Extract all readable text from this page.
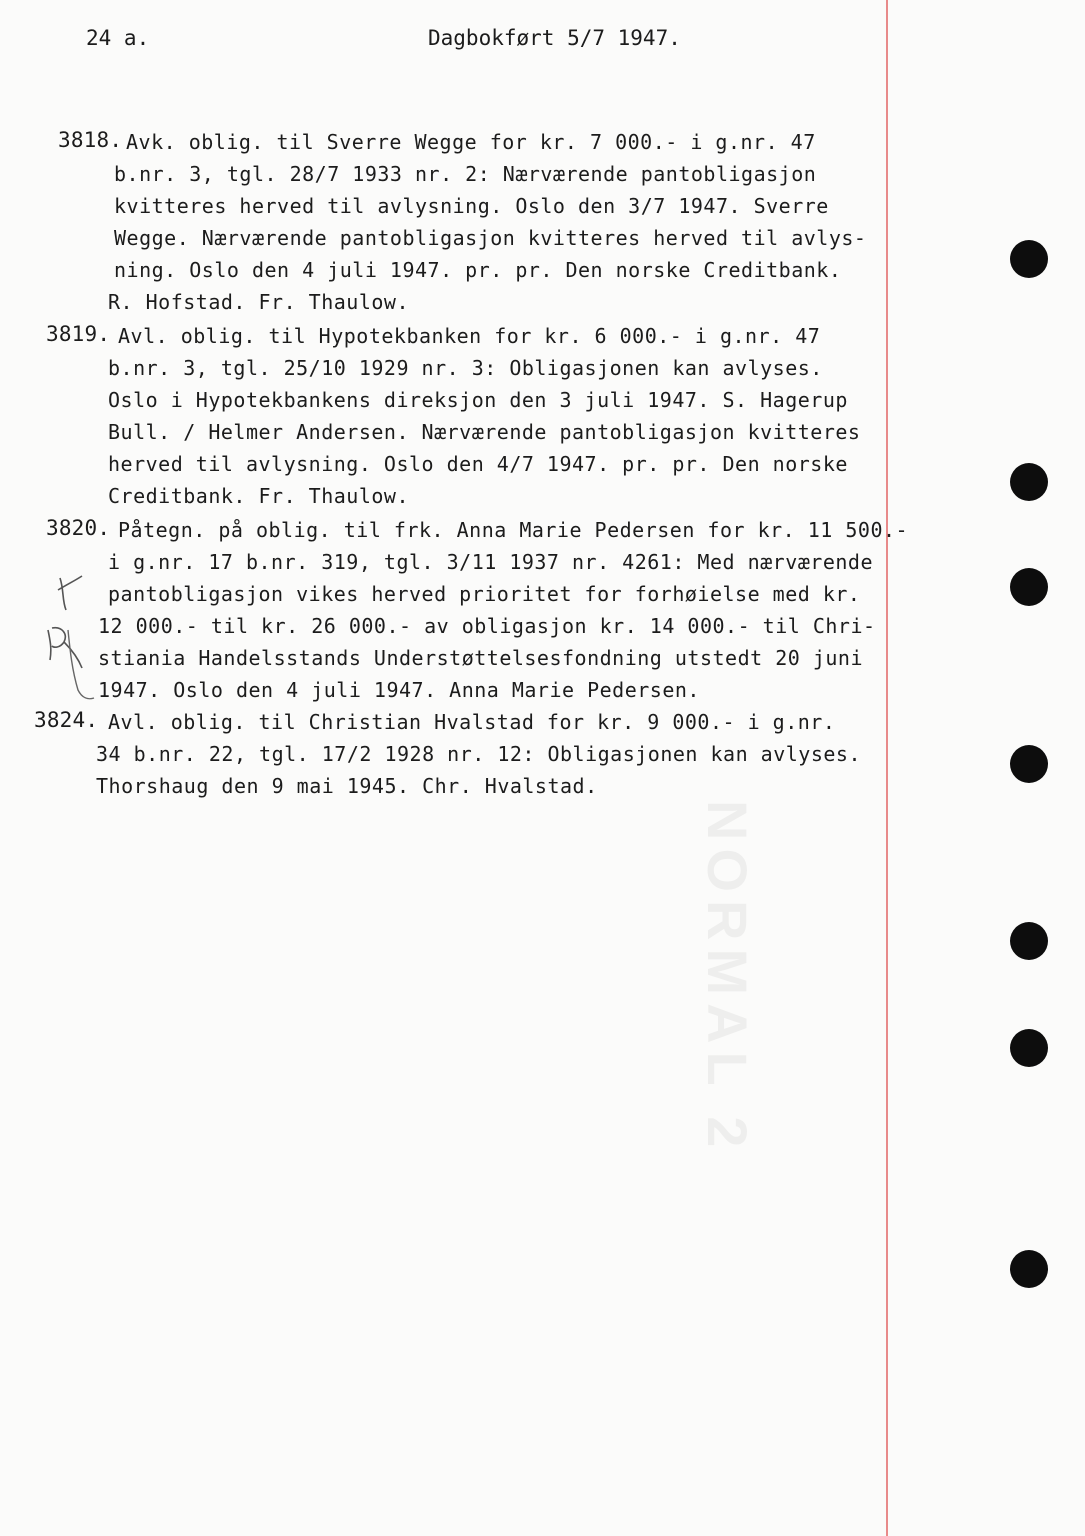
NORMAL 2
24 a.	Dagbokført 5/7 1947.
3818. Avk. oblig. til Sverre Wegge for kr. 7 000.- i g.nr. 47
b.nr. 3, tgl. 28/7 1933 nr. 2: Nærværende pantobligasjon
kvitteres herved til avlysning. Oslo den 3/7 1947. Sverre
Wegge. Nærværende pantobligasjon kvitteres herved til avlys-
ning. Oslo den 4 juli 1947. pr. pr. Den norske Creditbank.
R. Hofstad. Fr. Thaulow.
3819. Avl. oblig. til Hypotekbanken for kr. 6 000.- i g.nr. 47
b.nr. 3, tgl. 25/10 1929 nr. 3: Obligasjonen kan avlyses.
Oslo i Hypotekbankens direksjon den 3 juli 1947. S. Hagerup
Bull. / Helmer Andersen. Nærværende pantobligasjon kvitteres
herved til avlysning. Oslo den 4/7 1947. pr. pr. Den norske
Creditbank. Fr. Thaulow.
3820. Påtegn. på oblig. til frk. Anna Marie Pedersen for kr. 11 500.-
i g.nr. 17 b.nr. 319, tgl. 3/11 1937 nr. 4261: Med nærværende
pantobligasjon vikes herved prioritet for forhøielse med kr.
12 000.- til kr. 26 000.- av obligasjon kr. 14 000.- til Chri-
stiania Handelsstands Understøttelsesfondning utstedt 20 juni
1947. Oslo den 4 juli 1947. Anna Marie Pedersen.
3824. Avl. oblig. til Christian Hvalstad for kr. 9 000.- i g.nr.
34 b.nr. 22, tgl. 17/2 1928 nr. 12: Obligasjonen kan avlyses.
Thorshaug den 9 mai 1945. Chr. Hvalstad.
